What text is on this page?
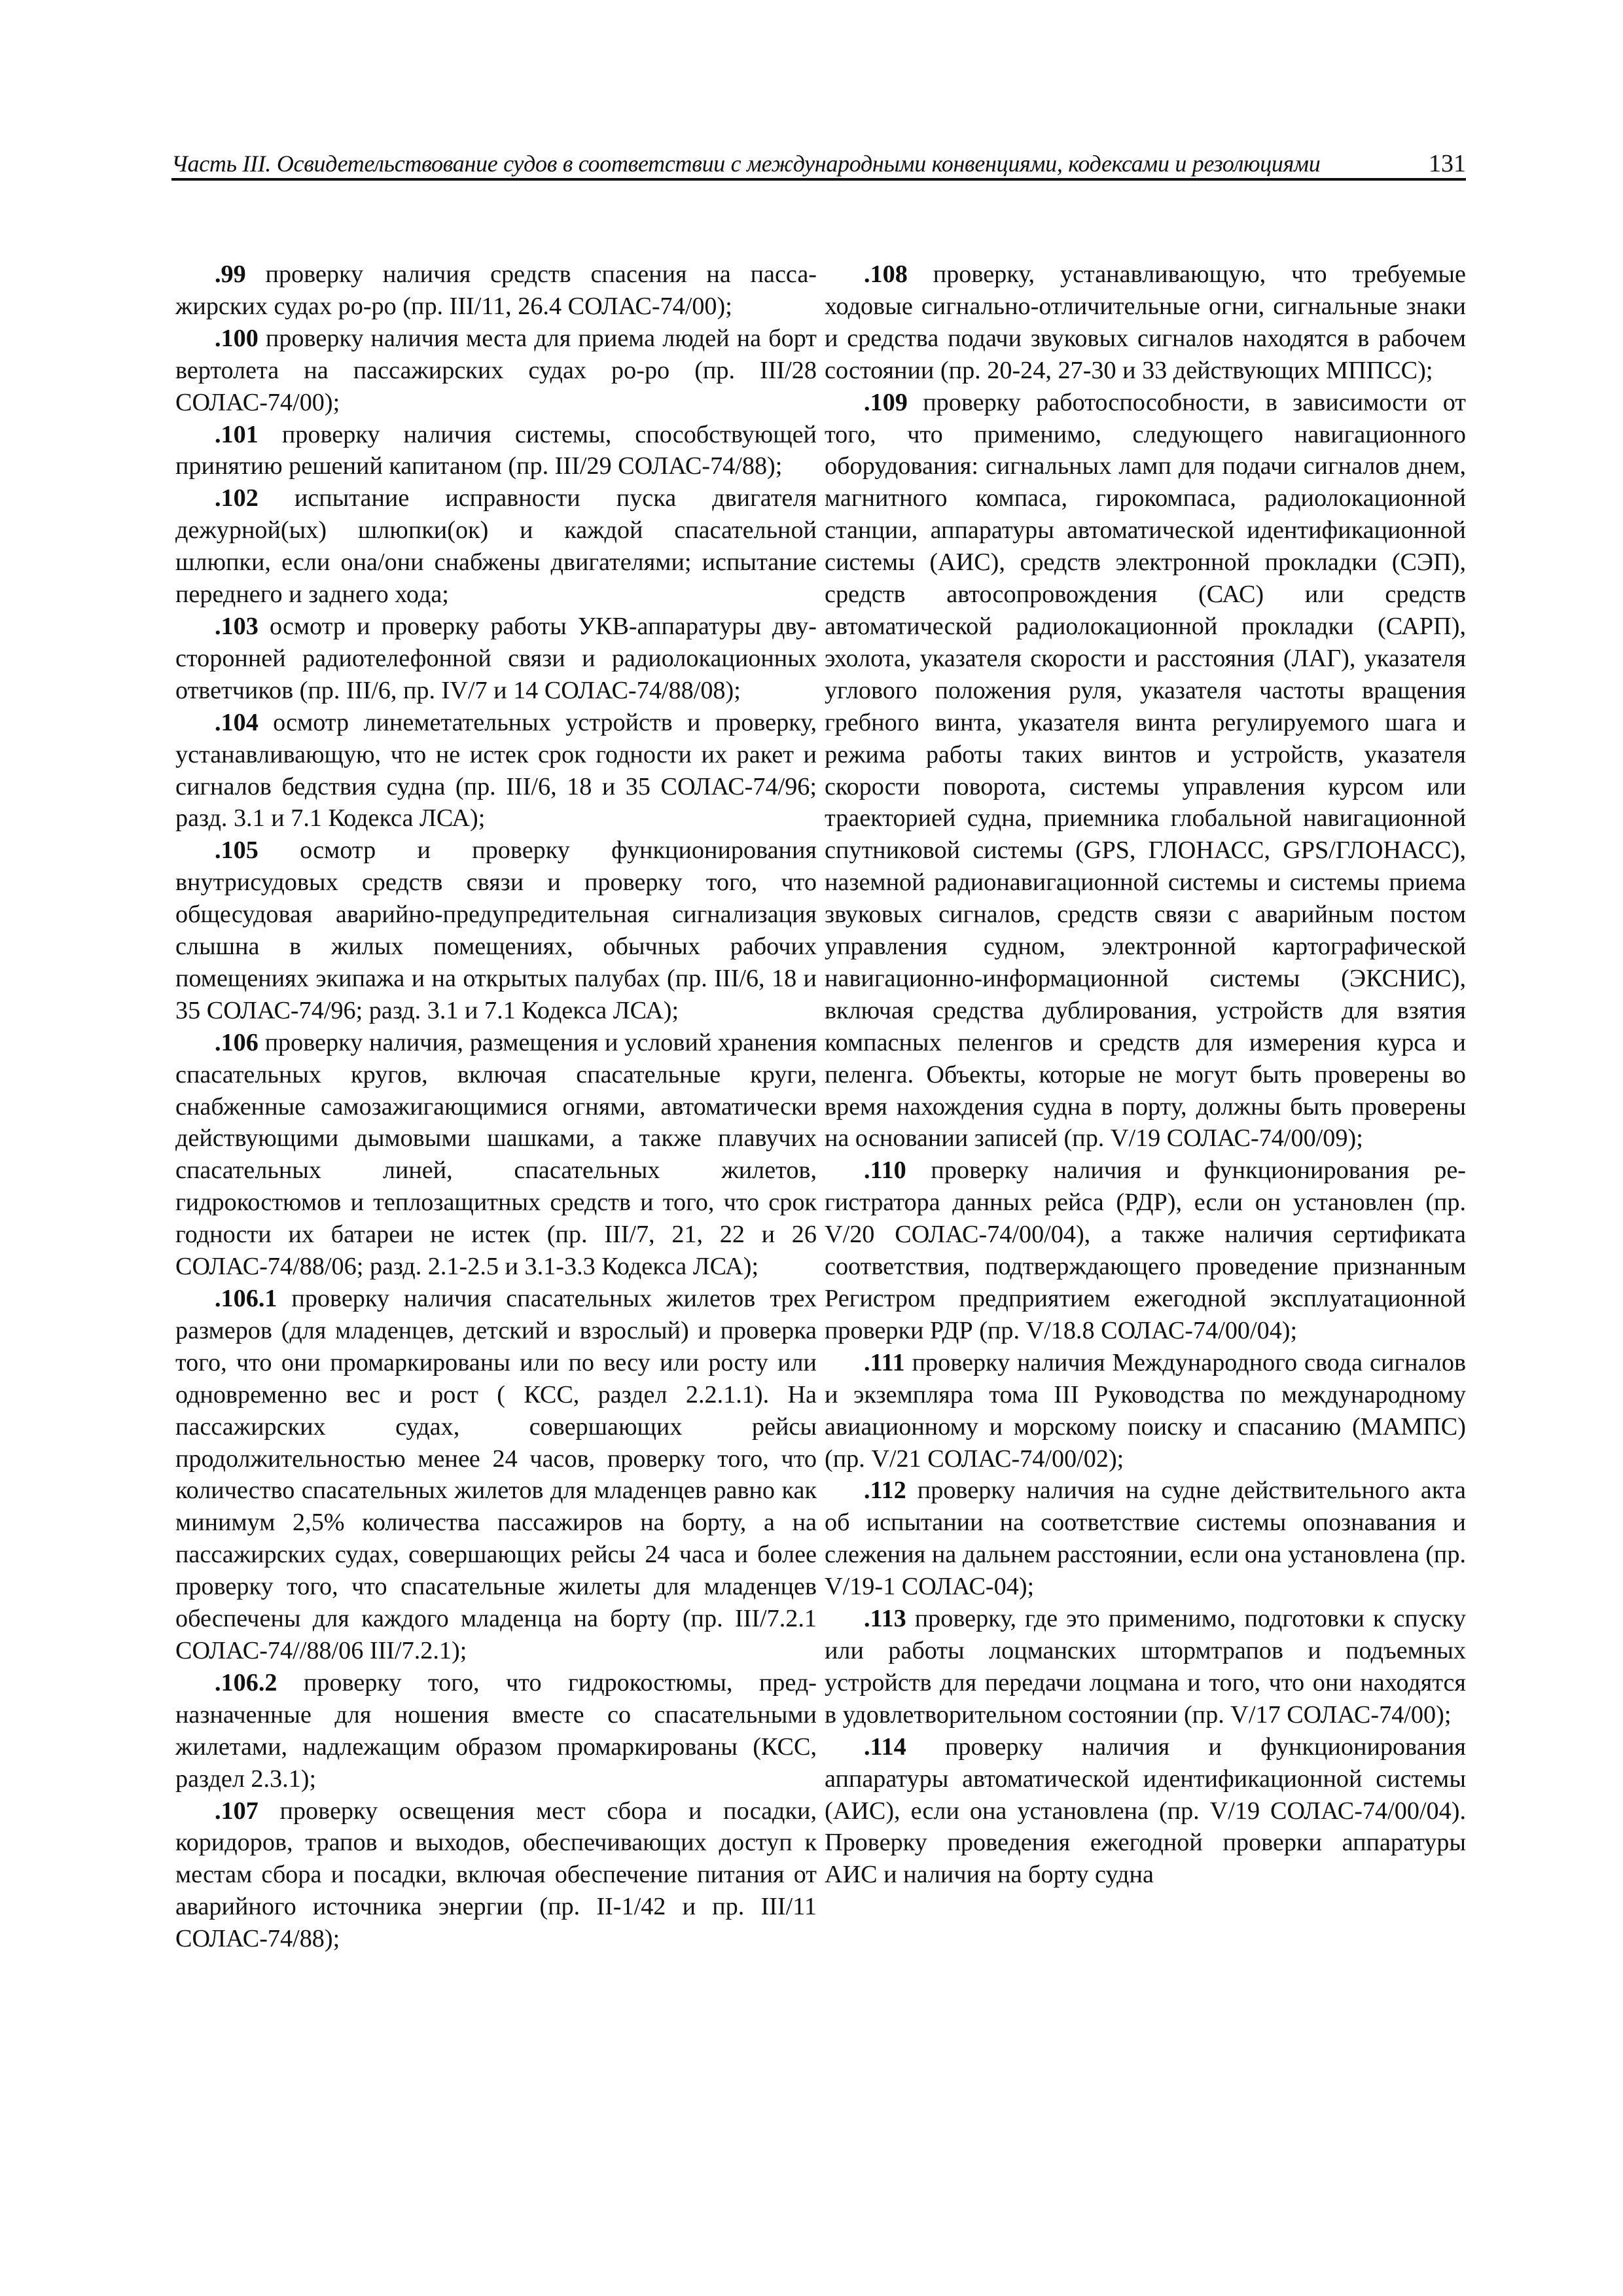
Часть III. Освидетельствование судов в соответствии с международными конвенциями, кодексами и резолюциями	131

.99 проверку наличия средств спасения на пассажирских судах ро-ро (пр. III/11, 26.4 СОЛАС-74/00);

.100 проверку наличия места для приема людей на борт вертолета на пассажирских судах ро-ро (пр. III/28 СОЛАС-74/00);

.101 проверку наличия системы, способствующей принятию решений капитаном (пр. III/29 СОЛАС-74/88);

.102 испытание исправности пуска двигателя дежурной(ых) шлюпки(ок) и каждой спасательной шлюпки, если она/они снабжены двигателями; испытание переднего и заднего хода;

.103 осмотр и проверку работы УКВ-аппаратуры двусторонней радиотелефонной связи и радиолокационных ответчиков (пр. III/6, пр. IV/7 и 14 СОЛАС-74/88/08);

.104 осмотр линеметательных устройств и проверку, устанавливающую, что не истек срок годности их ракет и сигналов бедствия судна (пр. III/6, 18 и 35 СОЛАС-74/96; разд. 3.1 и 7.1 Кодекса ЛСА);

.105 осмотр и проверку функционирования внутрисудовых средств связи и проверку того, что общесудовая аварийно-предупредительная сигнализация слышна в жилых помещениях, обычных рабочих помещениях экипажа и на открытых палубах (пр. III/6, 18 и 35 СОЛАС-74/96; разд. 3.1 и 7.1 Кодекса ЛСА);

.106 проверку наличия, размещения и условий хранения спасательных кругов, включая спасательные круги, снабженные самозажигающимися огнями, автоматически действующими дымовыми шашками, а также плавучих спасательных линей, спасательных жилетов, гидрокостюмов и теплозащитных средств и того, что срок годности их батареи не истек (пр. III/7, 21, 22 и 26 СОЛАС-74/88/06; разд. 2.1-2.5 и 3.1-3.3 Кодекса ЛСА);

.106.1 проверку наличия спасательных жилетов трех размеров (для младенцев, детский и взрослый) и проверка того, что они промаркированы или по весу или росту или одновременно вес и рост ( КСС, раздел 2.2.1.1). На пассажирских судах, совершающих рейсы продолжительностью менее 24 часов, проверку того, что количество спасательных жилетов для младенцев равно как минимум 2,5% количества пассажиров на борту, а на пассажирских судах, совершающих рейсы 24 часа и более проверку того, что спасательные жилеты для младенцев обеспечены для каждого младенца на борту (пр. III/7.2.1 СОЛАС-74//88/06 III/7.2.1);

.106.2 проверку того, что гидрокостюмы, предназначенные для ношения вместе со спасательными жилетами, надлежащим образом промаркированы (КСС, раздел 2.3.1);

.107 проверку освещения мест сбора и посадки, коридоров, трапов и выходов, обеспечивающих доступ к местам сбора и посадки, включая обеспечение питания от аварийного источника энергии (пр. II-1/42 и пр. III/11 СОЛАС-74/88);

.108 проверку, устанавливающую, что требуемые ходовые сигнально-отличительные огни, сигнальные знаки и средства подачи звуковых сигналов находятся в рабочем состоянии (пр. 20-24, 27-30 и 33 действующих МППСС);

.109 проверку работоспособности, в зависимости от того, что применимо, следующего навигационного оборудования: сигнальных ламп для подачи сигналов днем, магнитного компаса, гирокомпаса, радиолокационной станции, аппаратуры автоматической идентификационной системы (АИС), средств электронной прокладки (СЭП), средств автосопровождения (САС) или средств автоматической радиолокационной прокладки (САРП), эхолота, указателя скорости и расстояния (ЛАГ), указателя углового положения руля, указателя частоты вращения гребного винта, указателя винта регулируемого шага и режима работы таких винтов и устройств, указателя скорости поворота, системы управления курсом или траекторией судна, приемника глобальной навигационной спутниковой системы (GPS, ГЛОНАСС, GPS/ГЛОНАСС), наземной радионавигационной системы и системы приема звуковых сигналов, средств связи с аварийным постом управления судном, электронной картографической навигационно-информационной системы (ЭКСНИС), включая средства дублирования, устройств для взятия компасных пеленгов и средств для измерения курса и пеленга. Объекты, которые не могут быть проверены во время нахождения судна в порту, должны быть проверены на основании записей (пр. V/19 СОЛАС-74/00/09);

.110 проверку наличия и функционирования регистратора данных рейса (РДР), если он установлен (пр. V/20 СОЛАС-74/00/04), а также наличия сертификата соответствия, подтверждающего проведение признанным Регистром предприятием ежегодной эксплуатационной проверки РДР (пр. V/18.8 СОЛАС-74/00/04);

.111 проверку наличия Международного свода сигналов и экземпляра тома III Руководства по международному авиационному и морскому поиску и спасанию (МАМПС) (пр. V/21 СОЛАС-74/00/02);

.112 проверку наличия на судне действительного акта об испытании на соответствие системы опознавания и слежения на дальнем расстоянии, если она установлена (пр. V/19-1 СОЛАС-04);

.113 проверку, где это применимо, подготовки к спуску или работы лоцманских штормтрапов и подъемных устройств для передачи лоцмана и того, что они находятся в удовлетворительном состоянии (пр. V/17 СОЛАС-74/00);

.114 проверку наличия и функционирования аппаратуры автоматической идентификационной системы (АИС), если она установлена (пр. V/19 СОЛАС-74/00/04). Проверку проведения ежегодной проверки аппаратуры АИС и наличия на борту судна
